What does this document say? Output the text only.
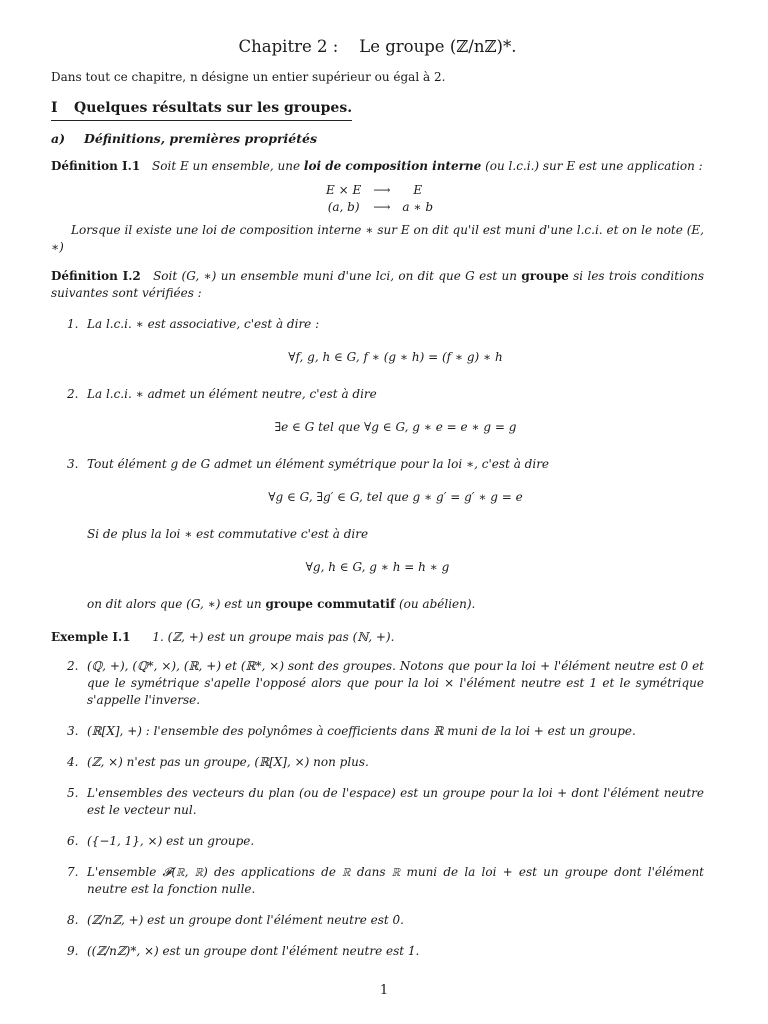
Chapitre 2 : Le groupe (ℤ/nℤ)*.

Dans tout ce chapitre, n désigne un entier supérieur ou égal à 2.

I Quelques résultats sur les groupes.
a) Définitions, premières propriétés

Définition I.1 Soit E un ensemble, une loi de composition interne (ou l.c.i.) sur E est une application :

E × E	⟶	E
(a, b)	⟶	a ∗ b

Lorsque il existe une loi de composition interne ∗ sur E on dit qu'il est muni d'une l.c.i. et on le note (E, ∗)

Définition I.2 Soit (G, ∗) un ensemble muni d'une lci, on dit que G est un groupe si les trois conditions suivantes sont vérifiées :

1. La l.c.i. ∗ est associative, c'est à dire :
∀f, g, h ∈ G, f ∗ (g ∗ h) = (f ∗ g) ∗ h
2. La l.c.i. ∗ admet un élément neutre, c'est à dire
∃e ∈ G tel que ∀g ∈ G, g ∗ e = e ∗ g = g
3. Tout élément g de G admet un élément symétrique pour la loi ∗, c'est à dire
∀g ∈ G, ∃g′ ∈ G, tel que g ∗ g′ = g′ ∗ g = e

Si de plus la loi ∗ est commutative c'est à dire

∀g, h ∈ G, g ∗ h = h ∗ g

on dit alors que (G, ∗) est un groupe commutatif (ou abélien).

Exemple I.1 1. (ℤ, +) est un groupe mais pas (ℕ, +).

2. (ℚ, +), (ℚ*, ×), (ℝ, +) et (ℝ*, ×) sont des groupes. Notons que pour la loi + l'élément neutre est 0 et que le symétrique s'apelle l'opposé alors que pour la loi × l'élément neutre est 1 et le symétrique s'appelle l'inverse.
3. (ℝ[X], +) : l'ensemble des polynômes à coefficients dans ℝ muni de la loi + est un groupe.
4. (ℤ, ×) n'est pas un groupe, (ℝ[X], ×) non plus.
5. L'ensembles des vecteurs du plan (ou de l'espace) est un groupe pour la loi + dont l'élément neutre est le vecteur nul.
6. ({−1, 1}, ×) est un groupe.
7. L'ensemble 𝓕(ℝ, ℝ) des applications de ℝ dans ℝ muni de la loi + est un groupe dont l'élément neutre est la fonction nulle.
8. (ℤ/nℤ, +) est un groupe dont l'élément neutre est 0̇.
9. ((ℤ/nℤ)*, ×) est un groupe dont l'élément neutre est 1̇.
1
